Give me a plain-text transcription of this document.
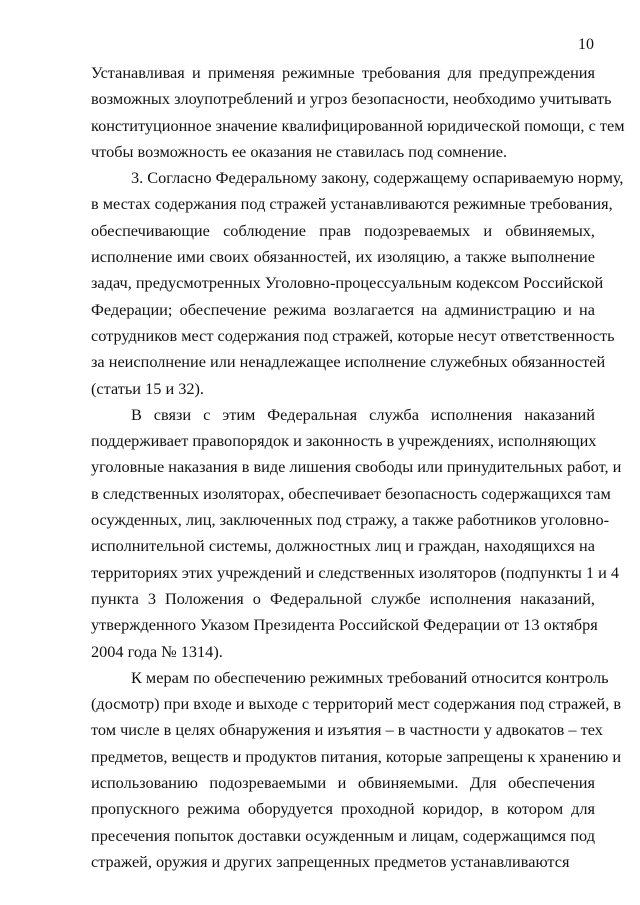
10
Устанавливая и применяя режимные требования для предупреждения
возможных злоупотреблений и угроз безопасности, необходимо учитывать
конституционное значение квалифицированной юридической помощи, с тем
чтобы возможность ее оказания не ставилась под сомнение.
3. Согласно Федеральному закону, содержащему оспариваемую норму,
в местах содержания под стражей устанавливаются режимные требования,
обеспечивающие соблюдение прав подозреваемых и обвиняемых,
исполнение ими своих обязанностей, их изоляцию, а также выполнение
задач, предусмотренных Уголовно-процессуальным кодексом Российской
Федерации; обеспечение режима возлагается на администрацию и на
сотрудников мест содержания под стражей, которые несут ответственность
за неисполнение или ненадлежащее исполнение служебных обязанностей
(статьи 15 и 32).
В связи с этим Федеральная служба исполнения наказаний
поддерживает правопорядок и законность в учреждениях, исполняющих
уголовные наказания в виде лишения свободы или принудительных работ, и
в следственных изоляторах, обеспечивает безопасность содержащихся там
осужденных, лиц, заключенных под стражу, а также работников уголовно-
исполнительной системы, должностных лиц и граждан, находящихся на
территориях этих учреждений и следственных изоляторов (подпункты 1 и 4
пункта 3 Положения о Федеральной службе исполнения наказаний,
утвержденного Указом Президента Российской Федерации от 13 октября
2004 года № 1314).
К мерам по обеспечению режимных требований относится контроль
(досмотр) при входе и выходе с территорий мест содержания под стражей, в
том числе в целях обнаружения и изъятия – в частности у адвокатов – тех
предметов, веществ и продуктов питания, которые запрещены к хранению и
использованию подозреваемыми и обвиняемыми. Для обеспечения
пропускного режима оборудуется проходной коридор, в котором для
пресечения попыток доставки осужденным и лицам, содержащимся под
стражей, оружия и других запрещенных предметов устанавливаются
